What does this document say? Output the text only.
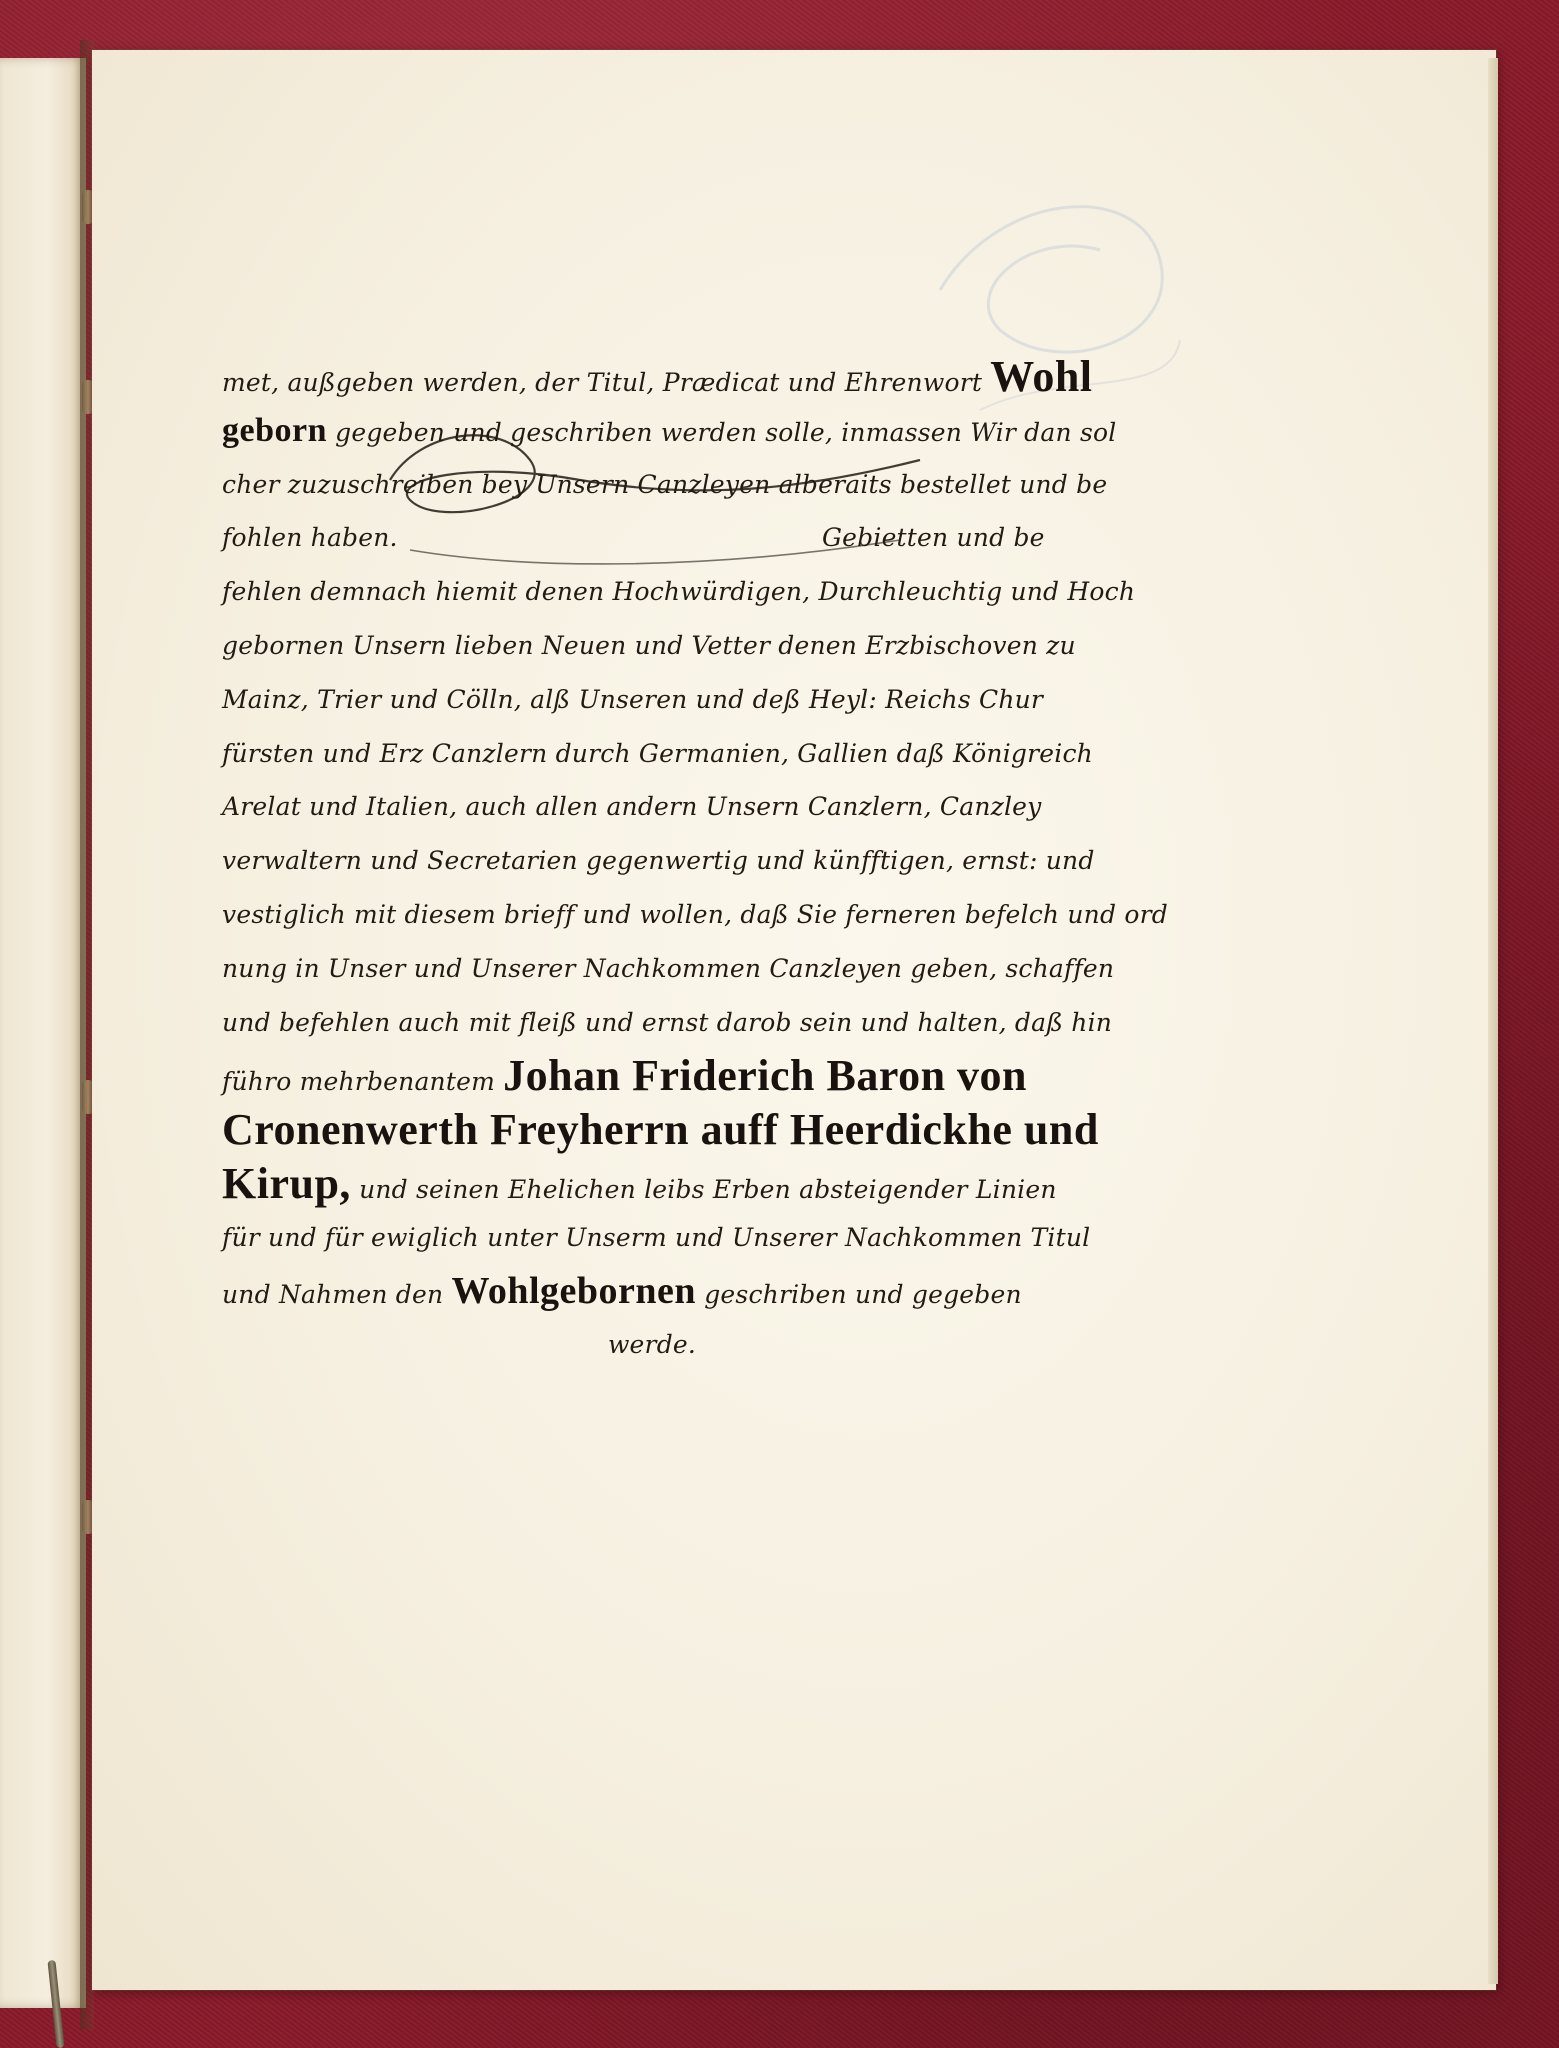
met, außgeben werden, der Titul, Prædicat und Ehrenwort Wohl
geborn gegeben und geschriben werden solle, inmassen Wir dan sol
cher zuzuschreiben bey Unsern Canzleyen alberaits bestellet und be
fohlen haben.	Gebietten und be
fehlen demnach hiemit denen Hochwürdigen, Durchleuchtig und Hoch
gebornen Unsern lieben Neuen und Vetter denen Erzbischoven zu
Mainz, Trier und Cölln, alß Unseren und deß Heyl: Reichs Chur
fürsten und Erz Canzlern durch Germanien, Gallien daß Königreich
Arelat und Italien, auch allen andern Unsern Canzlern, Canzley
verwaltern und Secretarien gegenwertig und künfftigen, ernst: und
vestiglich mit diesem brieff und wollen, daß Sie ferneren befelch und ord
nung in Unser und Unserer Nachkommen Canzleyen geben, schaffen
und befehlen auch mit fleiß und ernst darob sein und halten, daß hin
führo mehrbenantem Johan Friderich Baron von
Cronenwerth Freyherrn auff Heerdickhe und
Kirup, und seinen Ehelichen leibs Erben absteigender Linien
für und für ewiglich unter Unserm und Unserer Nachkommen Titul
und Nahmen den Wohlgebornen geschriben und gegeben
werde.
